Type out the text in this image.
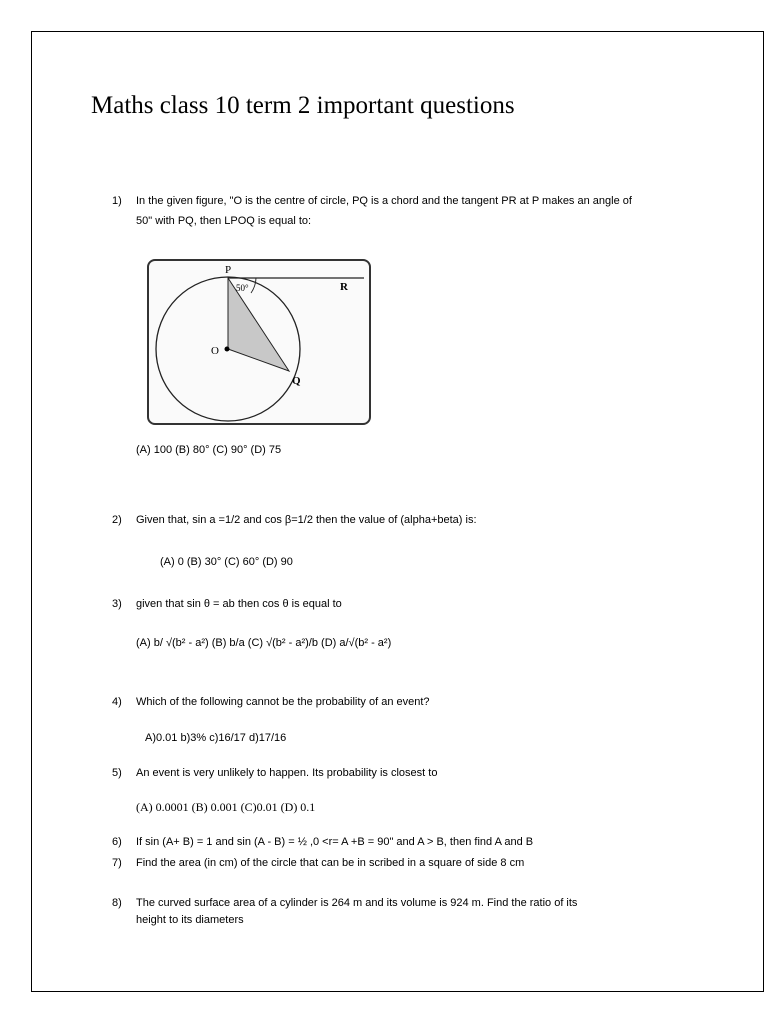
Maths class 10 term 2 important questions
1)	In the given figure, "O is the centre of circle, PQ is a chord and the tangent PR at P makes an angle of
50" with PQ, then LPOQ is equal to:
P
R
O
Q
50°
(A) 100 (B) 80° (C) 90° (D) 75
2)	Given that, sin a =1/2 and cos β=1/2 then the value of (alpha+beta) is:
(A) 0 (B) 30° (C) 60° (D) 90
3)	given that sin θ = ab then cos θ is equal to
(A) b/ √(b² - a²) (B) b/a (C) √(b² - a²)/b (D) a/√(b² - a²)
4)	Which of the following cannot be the probability of an event?
A)0.01 b)3% c)16/17 d)17/16
5)	An event is very unlikely to happen. Its probability is closest to
(A) 0.0001 (B) 0.001 (C)0.01 (D) 0.1
6)	If sin (A+ B) = 1 and sin (A - B) = ½ ,0 <r= A +B = 90" and A > B, then find A and B
7)	Find the area (in cm) of the circle that can be in scribed in a square of side 8 cm
8)	The curved surface area of a cylinder is 264 m and its volume is 924 m. Find the ratio of its
height to its diameters
